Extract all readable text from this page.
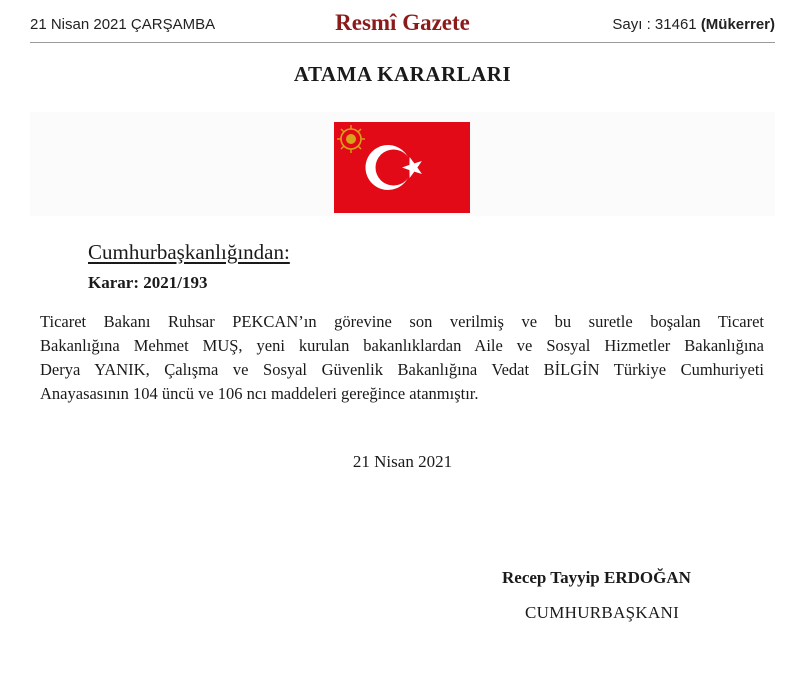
21 Nisan 2021 ÇARŞAMBA	Resmî Gazete	Sayı : 31461 (Mükerrer)
ATAMA KARARLARI
Cumhurbaşkanlığından:
Karar: 2021/193
Ticaret Bakanı Ruhsar PEKCAN’ın görevine son verilmiş ve bu suretle boşalan Ticaret
Bakanlığına Mehmet MUŞ, yeni kurulan bakanlıklardan Aile ve Sosyal Hizmetler Bakanlığına
Derya YANIK, Çalışma ve Sosyal Güvenlik Bakanlığına Vedat BİLGİN Türkiye Cumhuriyeti
Anayasasının 104 üncü ve 106 ncı maddeleri gereğince atanmıştır.
21 Nisan 2021
Recep Tayyip ERDOĞAN
CUMHURBAŞKANI
